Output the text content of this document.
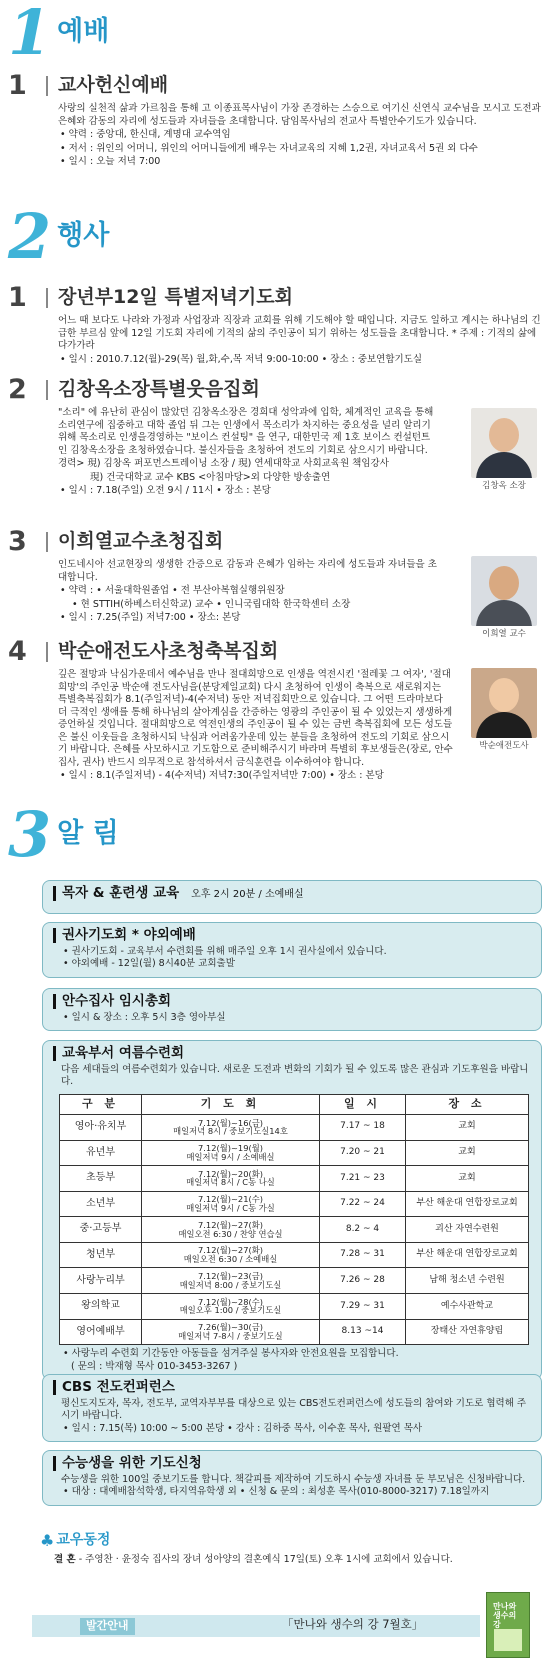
1 예배
1	교사헌신예배

사랑의 실천적 삶과 가르침을 통해 고 이종표목사님이 가장 존경하는 스승으로 여기신 신연식 교수님을 모시고 도전과 은혜와 감동의 자리에 성도들과 자녀들을 초대합니다. 담임목사님의 전교사 특별안수기도가 있습니다.

• 약력 : 중앙대, 한신대, 계명대 교수역임

• 저서 : 위인의 어머니, 위인의 어머니들에게 배우는 자녀교육의 지혜 1,2권, 자녀교육서 5권 외 다수

• 일시 : 오늘 저녁 7:00

2 행사
1	장년부12일 특별저녁기도회

어느 때 보다도 나라와 가정과 사업장과 직장과 교회를 위해 기도해야 할 때입니다. 지금도 일하고 계시는 하나님의 긴급한 부르심 앞에 12일 기도회 자리에 기적의 삶의 주인공이 되기 위하는 성도들을 초대합니다. * 주제 : 기적의 삶에 다가가라

• 일시 : 2010.7.12(월)-29(목) 월,화,수,목 저녁 9:00-10:00 • 장소 : 중보연합기도실

2	김창옥소장특별웃음집회

"소리" 에 유난히 관심이 많았던 김창옥소장은 경희대 성악과에 입학, 체계적인 교육을 통해 소리연구에 집중하고 대학 졸업 뒤 그는 인생에서 목소리가 차지하는 중요성을 널리 알리기 위해 목소리로 인생을경영하는 "보이스 컨설팅" 을 연구, 대한민국 제 1호 보이스 컨설턴트인 김창옥소장을 초청하였습니다. 불신자들을 초청하여 전도의 기회로 삼으시기 바랍니다.

경력> 現) 김창옥 퍼포먼스트레이닝 소장 / 現) 연세대학교 사회교육원 책임강사

現) 건국대학교 교수 KBS <아침마당>외 다양한 방송출연

• 일시 : 7.18(주일) 오전 9시 / 11시 • 장소 : 본당	김창옥 소장
3	이희열교수초청집회

인도네시아 선교현장의 생생한 간증으로 감동과 은혜가 임하는 자리에 성도들과 자녀들을 초대합니다.

• 약력 : • 서울대학원졸업 • 전 부산아복협실행위원장

• 현 STTIH(하베스터신학교) 교수 • 인니국립대학 한국학센터 소장

• 일시 : 7.25(주일) 저녁7:00 • 장소: 본당

이희열 교수
4	박순애전도사초청축복집회

깊은 절망과 낙심가운데서 예수님을 만나 절대희망으로 인생을 역전시킨 '절레꽃 그 여자', '절대희망'의 주인공 박순애 전도사님을(분당제일교회) 다시 초청하여 인생이 축복으로 새로워지는 특별축복집회가 8.1(주일저녁)-4(수저녁) 동안 저녁집회만으로 있습니다. 그 어떤 드라마보다 더 극적인 생애를 통해 하나님의 살아계심을 간증하는 영광의 주인공이 될 수 있었는지 생생하게 증언하실 것입니다. 절대희망으로 역전인생의 주인공이 될 수 있는 금번 축복집회에 모든 성도들은 불신 이웃들을 초청하시되 낙심과 어려움가운데 있는 분들을 초청하여 전도의 기회로 삼으시기 바랍니다. 은혜를 사모하시고 기도함으로 준비해주시기 바라며 특별히 후보생들은(장로, 안수집사, 권사) 반드시 의무적으로 참석하셔서 금식훈련을 이수하여야 합니다.

• 일시 : 8.1(주일저녁) - 4(수저녁) 저녁7:30(주일저녁만 7:00) • 장소 : 본당

박순애전도사
3 알 림
목자 & 훈련생 교육 오후 2시 20분 / 소예배실
권사기도회 * 야외예배

• 권사기도회 - 교육부서 수련회를 위해 매주일 오후 1시 권사실에서 있습니다.

• 야외예배 - 12일(월) 8시40분 교회출발

안수집사 임시총회

• 일시 & 장소 : 오후 5시 3층 영아부실

교육부서 여름수련회

다음 세대들의 여름수련회가 있습니다. 새로운 도전과 변화의 기회가 될 수 있도록 많은 관심과 기도후원을 바랍니다.

구 분	기 도 회	일 시	장 소
영아·유치부	7.12(월)~16(금)
매일저녁 8시 / 중보기도실14호	7.17 ~ 18	교회
유년부	7.12(월)~19(월)
매일저녁 9시 / 소예배실	7.20 ~ 21	교회
초등부	7.12(월)~20(화)
매일저녁 8시 / C동 나실	7.21 ~ 23	교회
소년부	7.12(월)~21(수)
매일저녁 9시 / C동 가실	7.22 ~ 24	부산 해운대 연합장로교회
중·고등부	7.12(월)~27(화)
매일오전 6:30 / 찬양 연습실	8.2 ~ 4	괴산 자연수련원
청년부	7.12(월)~27(화)
매일오전 6:30 / 소예배실	7.28 ~ 31	부산 해운대 연합장로교회
사랑누리부	7.12(월)~23(금)
매일저녁 8:00 / 중보기도실	7.26 ~ 28	남해 청소년 수련원
왕의학교	7.12(월)~28(수)
매일오후 1:00 / 중보기도실	7.29 ~ 31	예수사관학교
영어예배부	7.26(월)~30(금)
매일저녁 7-8시 / 중보기도실	8.13 ~14	장태산 자연휴양림

• 사랑누리 수련회 기간동안 아동들을 섬겨주실 봉사자와 안전요원을 모집합니다.

( 문의 : 박재형 목사 010-3453-3267 )

CBS 전도컨퍼런스

평신도지도자, 목자, 전도부, 교역자부부를 대상으로 있는 CBS전도컨퍼런스에 성도들의 참여와 기도로 협력해 주시기 바랍니다.

• 일시 : 7.15(목) 10:00 ~ 5:00 본당 • 강사 : 김하중 목사, 이수훈 목사, 원팔연 목사

수능생을 위한 기도신청

수능생을 위한 100일 중보기도를 합니다. 책갈피를 제작하여 기도하시 수능생 자녀를 둔 부모님은 신청바랍니다.

• 대상 : 대예배참석학생, 타지역유학생 외 • 신청 & 문의 : 최성훈 목사(010-8000-3217) 7.18일까지

♣ 교우동정

결 혼 - 주영찬 · 윤정숙 집사의 장녀 성아양의 결혼예식 17일(토) 오후 1시에 교회에서 있습니다.

발간안내	「만나와 생수의 강 7월호」
만나와 생수의 강
